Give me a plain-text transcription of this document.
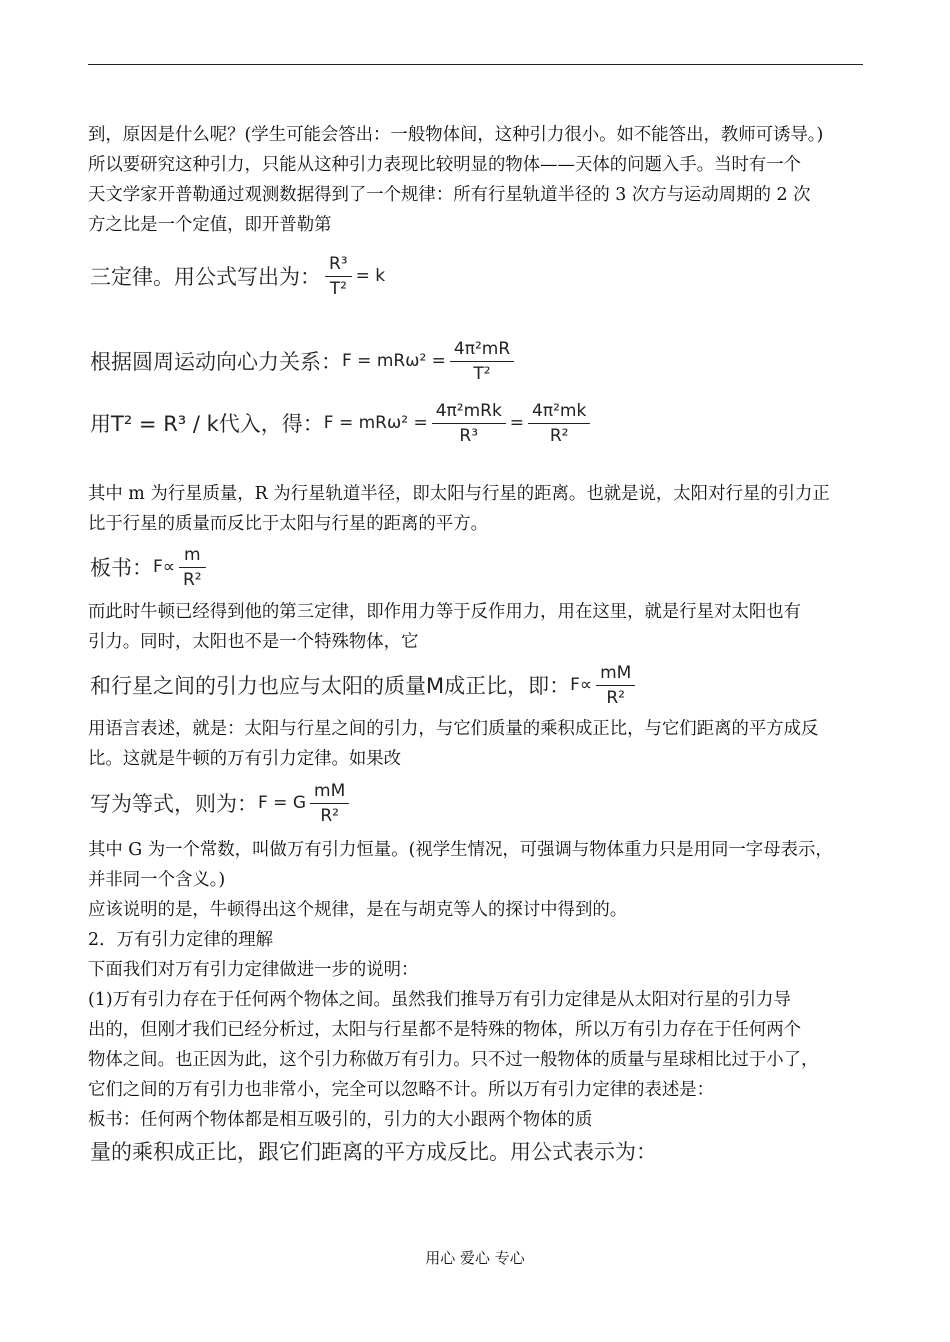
到，原因是什么呢？(学生可能会答出：一般物体间，这种引力很小。如不能答出，教师可诱导。)
所以要研究这种引力，只能从这种引力表现比较明显的物体——天体的问题入手。当时有一个
天文学家开普勒通过观测数据得到了一个规律：所有行星轨道半径的 3 次方与运动周期的 2 次
方之比是一个定值，即开普勒第
三定律。用公式写出为： $\frac{\text{R³}}{\text{T²}} = k$
根据圆周运动向心力关系： $F = mR\omega^2 = \frac{\text{4π²mR}}{\text{T²}}$
用T² = R³ / k代入，得： $F = mR\omega^2 = \frac{\text{4π²mRk}}{\text{R³}} = \frac{\text{4π²mk}}{\text{R²}}$
其中 m 为行星质量，R 为行星轨道半径，即太阳与行星的距离。也就是说，太阳对行星的引力正
比于行星的质量而反比于太阳与行星的距离的平方。
板书： $F\propto \frac{m}{\text{R²}}$
而此时牛顿已经得到他的第三定律，即作用力等于反作用力，用在这里，就是行星对太阳也有
引力。同时，太阳也不是一个特殊物体，它
和行星之间的引力也应与太阳的质量M成正比，即： $F\propto \frac{mM}{\text{R²}}$
用语言表述，就是：太阳与行星之间的引力，与它们质量的乘积成正比，与它们距离的平方成反
比。这就是牛顿的万有引力定律。如果改
写为等式，则为： F = G $\frac{mM}{\text{R²}}$
其中 G 为一个常数，叫做万有引力恒量。(视学生情况，可强调与物体重力只是用同一字母表示，
并非同一个含义。)
应该说明的是，牛顿得出这个规律，是在与胡克等人的探讨中得到的。
2．万有引力定律的理解
下面我们对万有引力定律做进一步的说明：
(1)万有引力存在于任何两个物体之间。虽然我们推导万有引力定律是从太阳对行星的引力导
出的，但刚才我们已经分析过，太阳与行星都不是特殊的物体，所以万有引力存在于任何两个
物体之间。也正因为此，这个引力称做万有引力。只不过一般物体的质量与星球相比过于小了，
它们之间的万有引力也非常小，完全可以忽略不计。所以万有引力定律的表述是：
板书：任何两个物体都是相互吸引的，引力的大小跟两个物体的质
量的乘积成正比，跟它们距离的平方成反比。用公式表示为：
用心 爱心 专心
